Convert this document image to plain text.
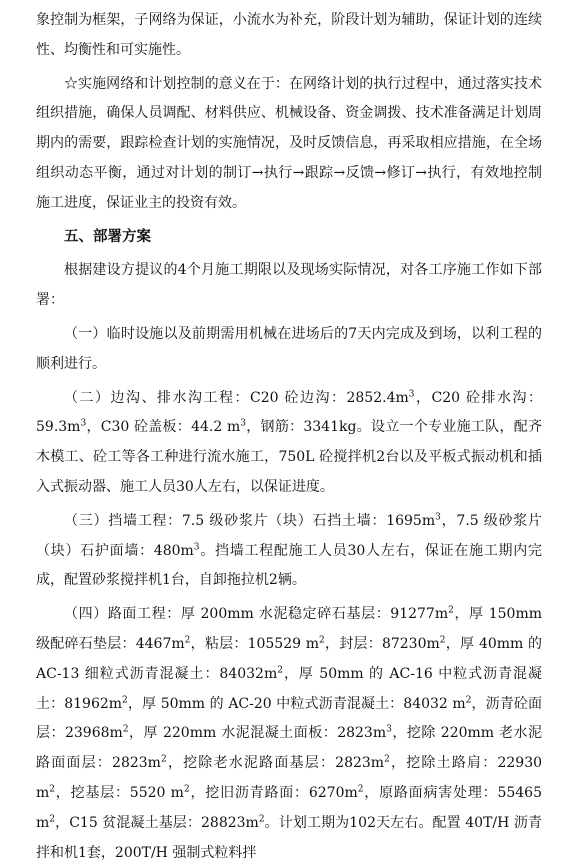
象控制为框架，子网络为保证，小流水为补充，阶段计划为辅助，保证计划的连续性、均衡性和可实施性。

☆实施网络和计划控制的意义在于：在网络计划的执行过程中，通过落实技术组织措施，确保人员调配、材料供应、机械设备、资金调拨、技术准备满足计划周期内的需要，跟踪检查计划的实施情况，及时反馈信息，再采取相应措施，在全场组织动态平衡，通过对计划的制订→执行→跟踪→反馈→修订→执行，有效地控制施工进度，保证业主的投资有效。

五、部署方案

根据建设方提议的4个月施工期限以及现场实际情况，对各工序施工作如下部署：

（一）临时设施以及前期需用机械在进场后的7天内完成及到场，以利工程的顺利进行。

（二）边沟、排水沟工程：C20 砼边沟：$2852.4m^3$，C20 砼排水沟：$59.3m^3$，C30 砼盖板：44.2 $m^3$，钢筋：3341kg。设立一个专业施工队，配齐木模工、砼工等各工种进行流水施工，750L 砼搅拌机2台以及平板式振动机和插入式振动器、施工人员30人左右，以保证进度。

（三）挡墙工程：7.5 级砂浆片（块）石挡土墙：$1695m^3$，7.5 级砂浆片（块）石护面墙：$480m^3$。挡墙工程配施工人员30人左右，保证在施工期内完成，配置砂浆搅拌机1台，自卸拖拉机2辆。

（四）路面工程：厚 200mm 水泥稳定碎石基层：$91277m^2$，厚 150mm 级配碎石垫层：$4467m^2$，粘层：105529 $m^2$，封层：$87230m^2$，厚 40mm 的 AC-13 细粒式沥青混凝土：$84032m^2$，厚 50mm 的 AC-16 中粒式沥青混凝土：$81962m^2$，厚 50mm 的 AC-20 中粒式沥青混凝土：84032 $m^2$，沥青砼面层：$23968m^2$，厚 220mm 水泥混凝土面板：$2823m^3$，挖除 220mm 老水泥路面面层：$2823m^2$，挖除老水泥路面基层：$2823m^2$，挖除土路肩：22930 $m^2$，挖基层：5520 $m^2$，挖旧沥青路面：$6270m^2$，原路面病害处理：55465 $m^2$，C15 贫混凝土基层：$28823m^2$。计划工期为102天左右。配置 40T/H 沥青拌和机1套，200T/H 强制式粒料拌
